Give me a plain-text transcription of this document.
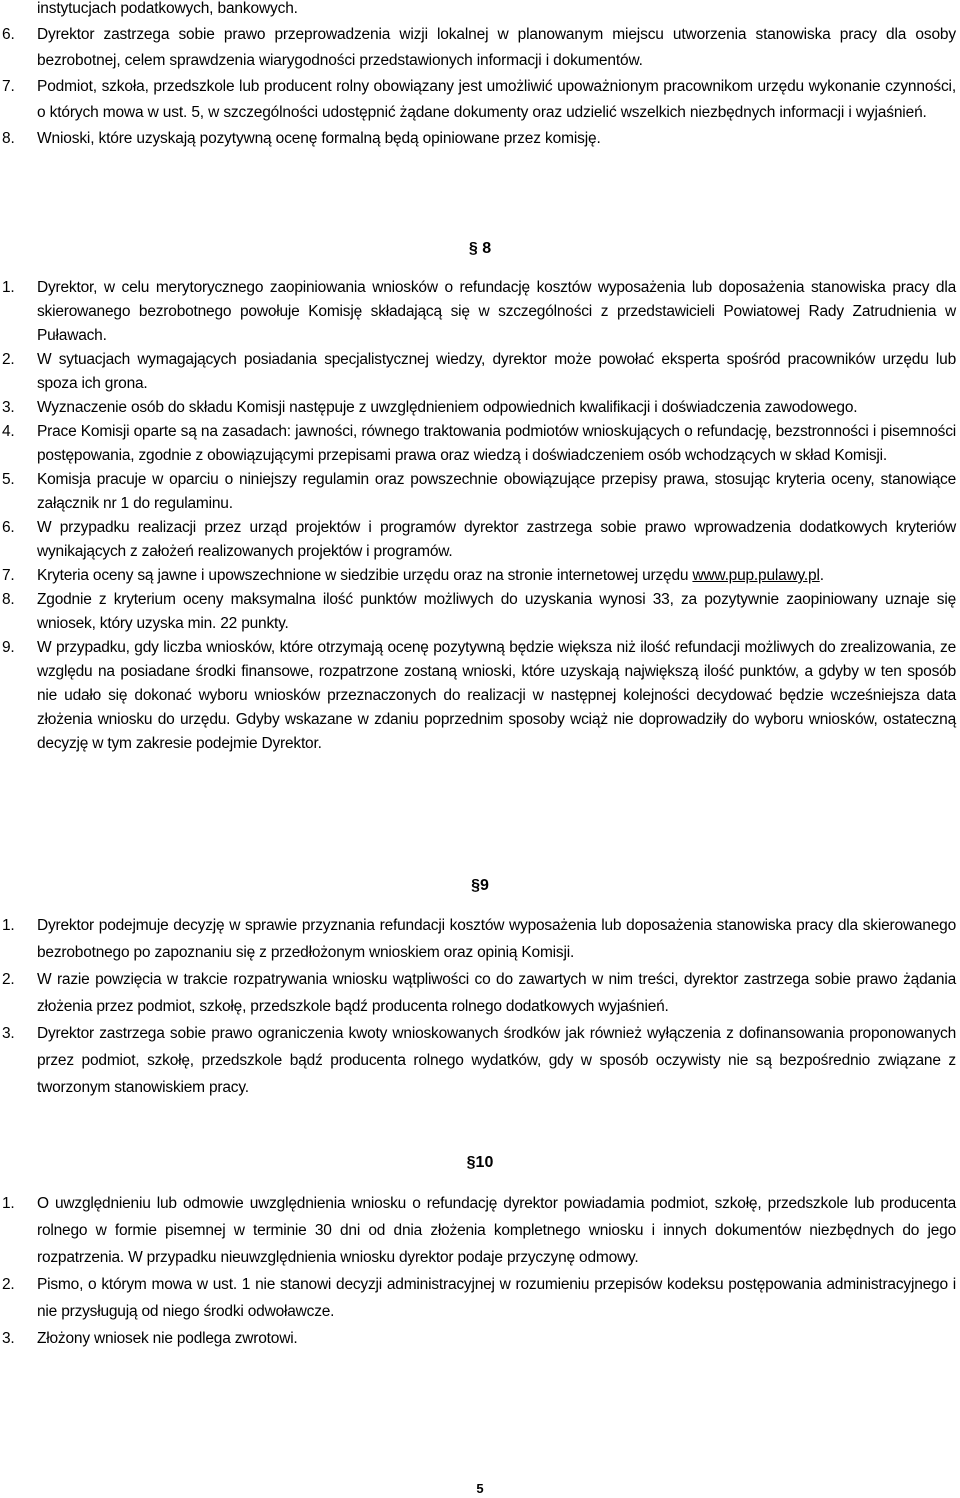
instytucjach podatkowych, bankowych.
6. Dyrektor zastrzega sobie prawo przeprowadzenia wizji lokalnej w planowanym miejscu utworzenia stanowiska pracy dla osoby bezrobotnej, celem sprawdzenia wiarygodności przedstawionych informacji i dokumentów.
7. Podmiot, szkoła, przedszkole lub producent rolny obowiązany jest umożliwić upoważnionym pracownikom urzędu wykonanie czynności, o których mowa w ust. 5, w szczególności udostępnić żądane dokumenty oraz udzielić wszelkich niezbędnych informacji i wyjaśnień.
8. Wnioski, które uzyskają pozytywną ocenę formalną będą opiniowane przez komisję.
§ 8
1. Dyrektor, w celu merytorycznego zaopiniowania wniosków o refundację kosztów wyposażenia lub doposażenia stanowiska pracy dla skierowanego bezrobotnego powołuje Komisję składającą się w szczególności z przedstawicieli Powiatowej Rady Zatrudnienia w Puławach.
2. W sytuacjach wymagających posiadania specjalistycznej wiedzy, dyrektor może powołać eksperta spośród pracowników urzędu lub spoza ich grona.
3. Wyznaczenie osób do składu Komisji następuje z uwzględnieniem odpowiednich kwalifikacji i doświadczenia zawodowego.
4. Prace Komisji oparte są na zasadach: jawności, równego traktowania podmiotów wnioskujących o refundację, bezstronności i pisemności postępowania, zgodnie z obowiązującymi przepisami prawa oraz wiedzą i doświadczeniem osób wchodzących w skład Komisji.
5. Komisja pracuje w oparciu o niniejszy regulamin oraz powszechnie obowiązujące przepisy prawa, stosując kryteria oceny, stanowiące załącznik nr 1 do regulaminu.
6. W przypadku realizacji przez urząd projektów i programów dyrektor zastrzega sobie prawo wprowadzenia dodatkowych kryteriów wynikających z założeń realizowanych projektów i programów.
7. Kryteria oceny są jawne i upowszechnione w siedzibie urzędu oraz na stronie internetowej urzędu www.pup.pulawy.pl.
8. Zgodnie z kryterium oceny maksymalna ilość punktów możliwych do uzyskania wynosi 33, za pozytywnie zaopiniowany uznaje się wniosek, który uzyska min. 22 punkty.
9. W przypadku, gdy liczba wniosków, które otrzymają ocenę pozytywną będzie większa niż ilość refundacji możliwych do zrealizowania, ze względu na posiadane środki finansowe, rozpatrzone zostaną wnioski, które uzyskają największą ilość punktów, a gdyby w ten sposób nie udało się dokonać wyboru wniosków przeznaczonych do realizacji w następnej kolejności decydować będzie wcześniejsza data złożenia wniosku do urzędu. Gdyby wskazane w zdaniu poprzednim sposoby wciąż nie doprowadziły do wyboru wniosków, ostateczną decyzję w tym zakresie podejmie Dyrektor.
§9
1. Dyrektor podejmuje decyzję w sprawie przyznania refundacji kosztów wyposażenia lub doposażenia stanowiska pracy dla skierowanego bezrobotnego po zapoznaniu się z przedłożonym wnioskiem oraz opinią Komisji.
2. W razie powzięcia w trakcie rozpatrywania wniosku wątpliwości co do zawartych w nim treści, dyrektor zastrzega sobie prawo żądania złożenia przez podmiot, szkołę, przedszkole bądź producenta rolnego dodatkowych wyjaśnień.
3. Dyrektor zastrzega sobie prawo ograniczenia kwoty wnioskowanych środków jak również wyłączenia z dofinansowania proponowanych przez podmiot, szkołę, przedszkole bądź producenta rolnego wydatków, gdy w sposób oczywisty nie są bezpośrednio związane z tworzonym stanowiskiem pracy.
§10
1. O uwzględnieniu lub odmowie uwzględnienia wniosku o refundację dyrektor powiadamia podmiot, szkołę, przedszkole lub producenta rolnego w formie pisemnej w terminie 30 dni od dnia złożenia kompletnego wniosku i innych dokumentów niezbędnych do jego rozpatrzenia. W przypadku nieuwzględnienia wniosku dyrektor podaje przyczynę odmowy.
2. Pismo, o którym mowa w ust. 1 nie stanowi decyzji administracyjnej w rozumieniu przepisów kodeksu postępowania administracyjnego i nie przysługują od niego środki odwoławcze.
3. Złożony wniosek nie podlega zwrotowi.
5
